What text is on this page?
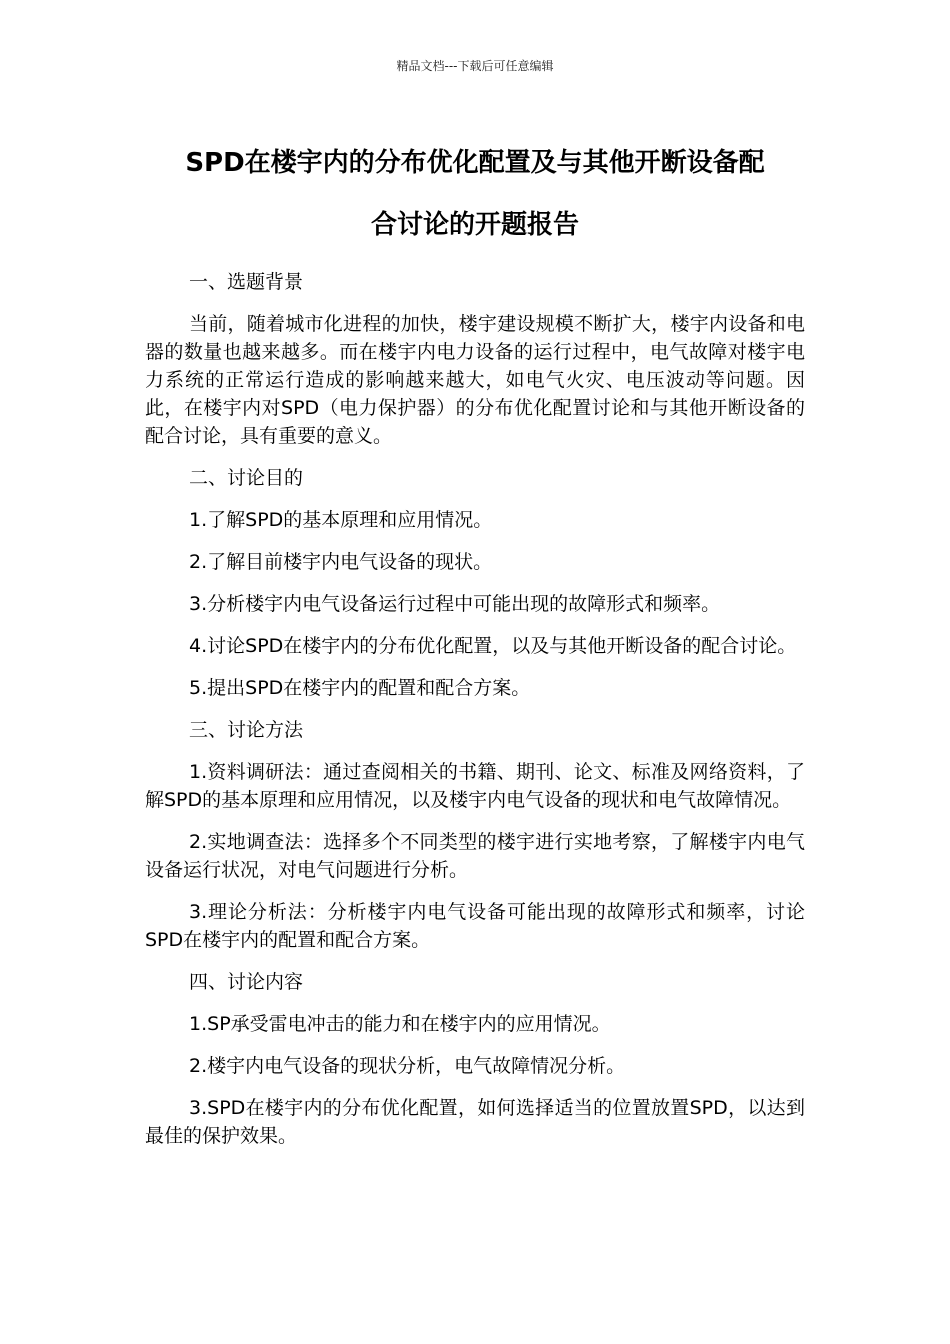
精品文档---下载后可任意编辑
SPD在楼宇内的分布优化配置及与其他开断设备配
合讨论的开题报告
一、选题背景

当前，随着城市化进程的加快，楼宇建设规模不断扩大，楼宇内设备和电器的数量也越来越多。而在楼宇内电力设备的运行过程中，电气故障对楼宇电力系统的正常运行造成的影响越来越大，如电气火灾、电压波动等问题。因此，在楼宇内对SPD（电力保护器）的分布优化配置讨论和与其他开断设备的配合讨论，具有重要的意义。

二、讨论目的

1.了解SPD的基本原理和应用情况。

2.了解目前楼宇内电气设备的现状。

3.分析楼宇内电气设备运行过程中可能出现的故障形式和频率。

4.讨论SPD在楼宇内的分布优化配置，以及与其他开断设备的配合讨论。

5.提出SPD在楼宇内的配置和配合方案。

三、讨论方法

1.资料调研法：通过查阅相关的书籍、期刊、论文、标准及网络资料，了解SPD的基本原理和应用情况，以及楼宇内电气设备的现状和电气故障情况。

2.实地调查法：选择多个不同类型的楼宇进行实地考察，了解楼宇内电气设备运行状况，对电气问题进行分析。

3.理论分析法：分析楼宇内电气设备可能出现的故障形式和频率，讨论SPD在楼宇内的配置和配合方案。

四、讨论内容

1.SP承受雷电冲击的能力和在楼宇内的应用情况。

2.楼宇内电气设备的现状分析，电气故障情况分析。

3.SPD在楼宇内的分布优化配置，如何选择适当的位置放置SPD，以达到最佳的保护效果。
